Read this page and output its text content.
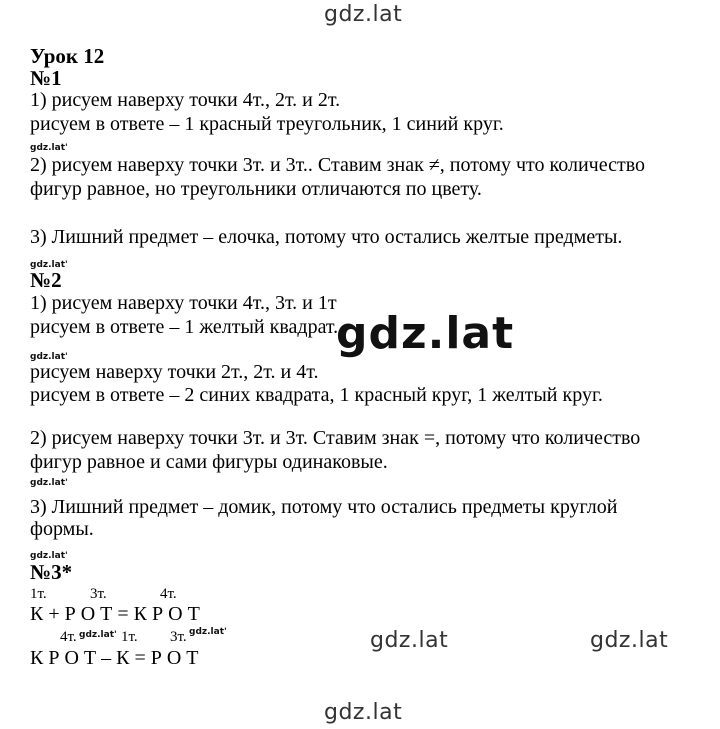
gdz.lat
gdz.lat
gdz.lat	gdz.lat
gdz.lat
gdz.lat'
gdz.lat'
gdz.lat'
gdz.lat'
gdz.lat'
gdz.lat'	gdz.lat'
Урок 12
№1
1) рисуем наверху точки 4т., 2т. и 2т.
рисуем в ответе – 1 красный треугольник, 1 синий круг.
2) рисуем наверху точки 3т. и 3т.. Ставим знак ≠, потому что количество
фигур равное, но треугольники отличаются по цвету.
3) Лишний предмет – елочка, потому что остались желтые предметы.
№2
1) рисуем наверху точки 4т., 3т. и 1т
рисуем в ответе – 1 желтый квадрат.
рисуем наверху точки 2т., 2т. и 4т.
рисуем в ответе – 2 синих квадрата, 1 красный круг, 1 желтый круг.
2) рисуем наверху точки 3т. и 3т. Ставим знак =, потому что количество
фигур равное и сами фигуры одинаковые.
3) Лишний предмет – домик, потому что остались предметы круглой
формы.
№3*
1т.	3т.	4т.
К + Р О Т = К Р О Т
4т.	1т. 3т.
К Р О Т – К = Р О Т
